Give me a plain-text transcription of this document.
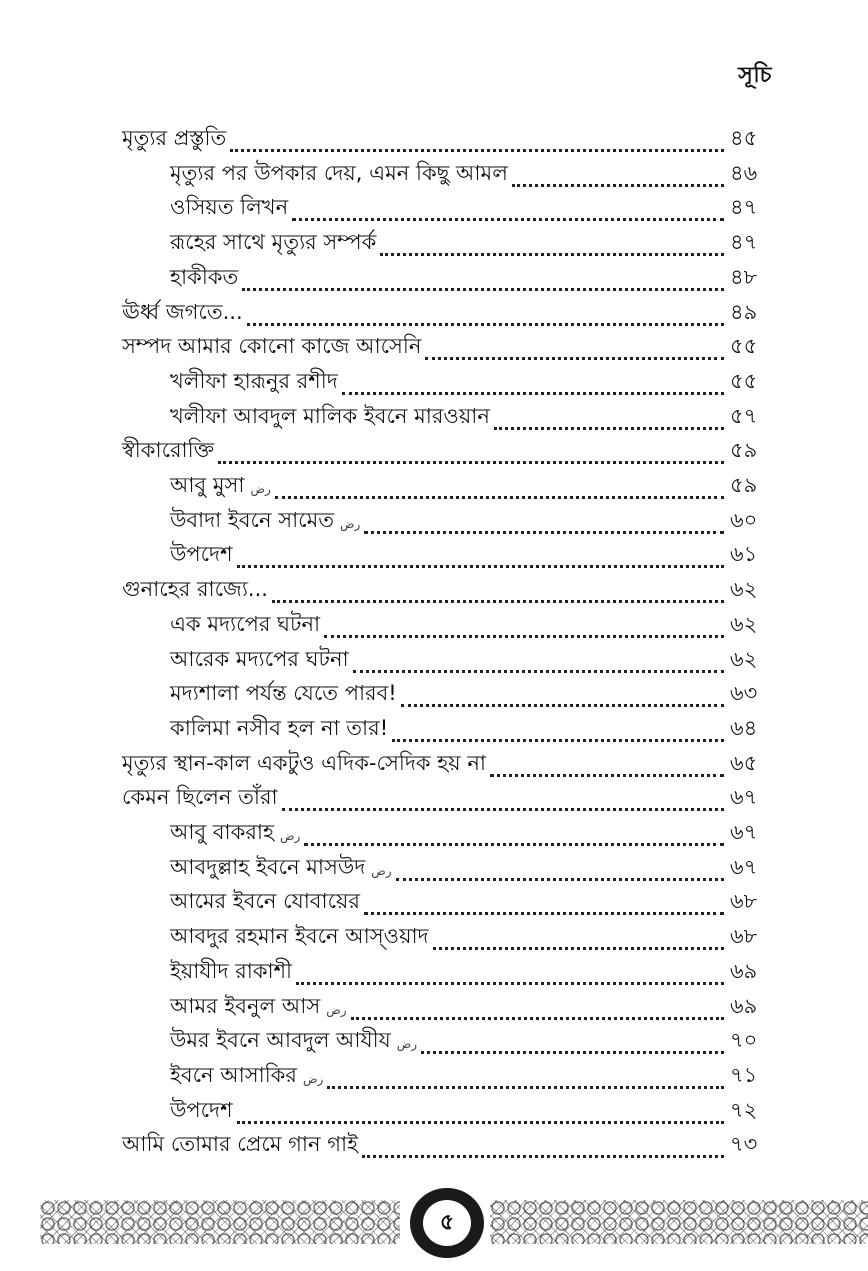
সূচি
মৃত্যুর প্রস্তুতি	৪৫
মৃত্যুর পর উপকার দেয়, এমন কিছু আমল	৪৬
ওসিয়ত লিখন	৪৭
রূহের সাথে মৃত্যুর সম্পর্ক	৪৭
হাকীকত	৪৮
ঊর্ধ্ব জগতে...	৪৯
সম্পদ আমার কোনো কাজে আসেনি	৫৫
খলীফা হারূনুর রশীদ	৫৫
খলীফা আবদুল মালিক ইবনে মারওয়ান	৫৭
স্বীকারোক্তি	৫৯
আবু মুসা رض	৫৯
উবাদা ইবনে সামেত رض	৬০
উপদেশ	৬১
গুনাহের রাজ্যে...	৬২
এক মদ্যপের ঘটনা	৬২
আরেক মদ্যপের ঘটনা	৬২
মদ্যশালা পর্যন্ত যেতে পারব!	৬৩
কালিমা নসীব হল না তার!	৬৪
মৃত্যুর স্থান-কাল একটুও এদিক-সেদিক হয় না	৬৫
কেমন ছিলেন তাঁরা	৬৭
আবু বাকরাহ رض	৬৭
আবদুল্লাহ ইবনে মাসউদ رض	৬৭
আমের ইবনে যোবায়ের	৬৮
আবদুর রহমান ইবনে আস্ওয়াদ	৬৮
ইয়াযীদ রাকাশী	৬৯
আমর ইবনুল আস رض	৬৯
উমর ইবনে আবদুল আযীয رض	৭০
ইবনে আসাকির رض	৭১
উপদেশ	৭২
আমি তোমার প্রেমে গান গাই	৭৩
৫
